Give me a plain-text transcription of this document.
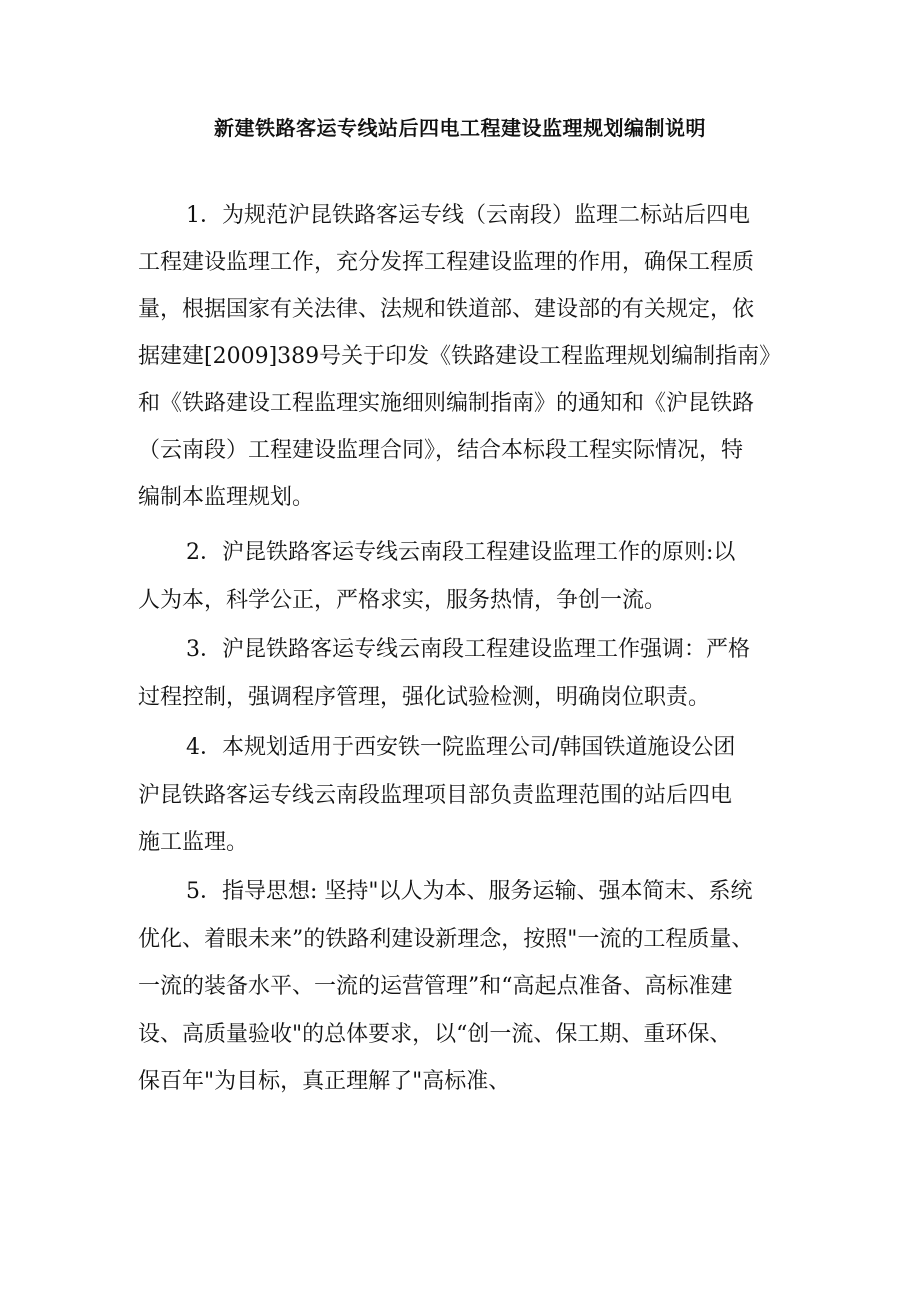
新建铁路客运专线站后四电工程建设监理规划编制说明

1．为规范沪昆铁路客运专线（云南段）监理二标站后四电

工程建设监理工作，充分发挥工程建设监理的作用，确保工程质

量，根据国家有关法律、法规和铁道部、建设部的有关规定，依

据建建[2009]389号关于印发《铁路建设工程监理规划编制指南》

和《铁路建设工程监理实施细则编制指南》的通知和《沪昆铁路

（云南段）工程建设监理合同》，结合本标段工程实际情况，特

编制本监理规划。

2．沪昆铁路客运专线云南段工程建设监理工作的原则:以

人为本，科学公正，严格求实，服务热情，争创一流。

3．沪昆铁路客运专线云南段工程建设监理工作强调：严格

过程控制，强调程序管理，强化试验检测，明确岗位职责。

4．本规划适用于西安铁一院监理公司/韩国铁道施设公团

沪昆铁路客运专线云南段监理项目部负责监理范围的站后四电

施工监理。

5．指导思想: 坚持"以人为本、服务运输、强本简末、系统

优化、着眼未来”的铁路利建设新理念，按照"一流的工程质量、

一流的装备水平、一流的运营管理”和“高起点准备、高标准建

设、高质量验收"的总体要求，以“创一流、保工期、重环保、

保百年"为目标，真正理解了"高标准、
